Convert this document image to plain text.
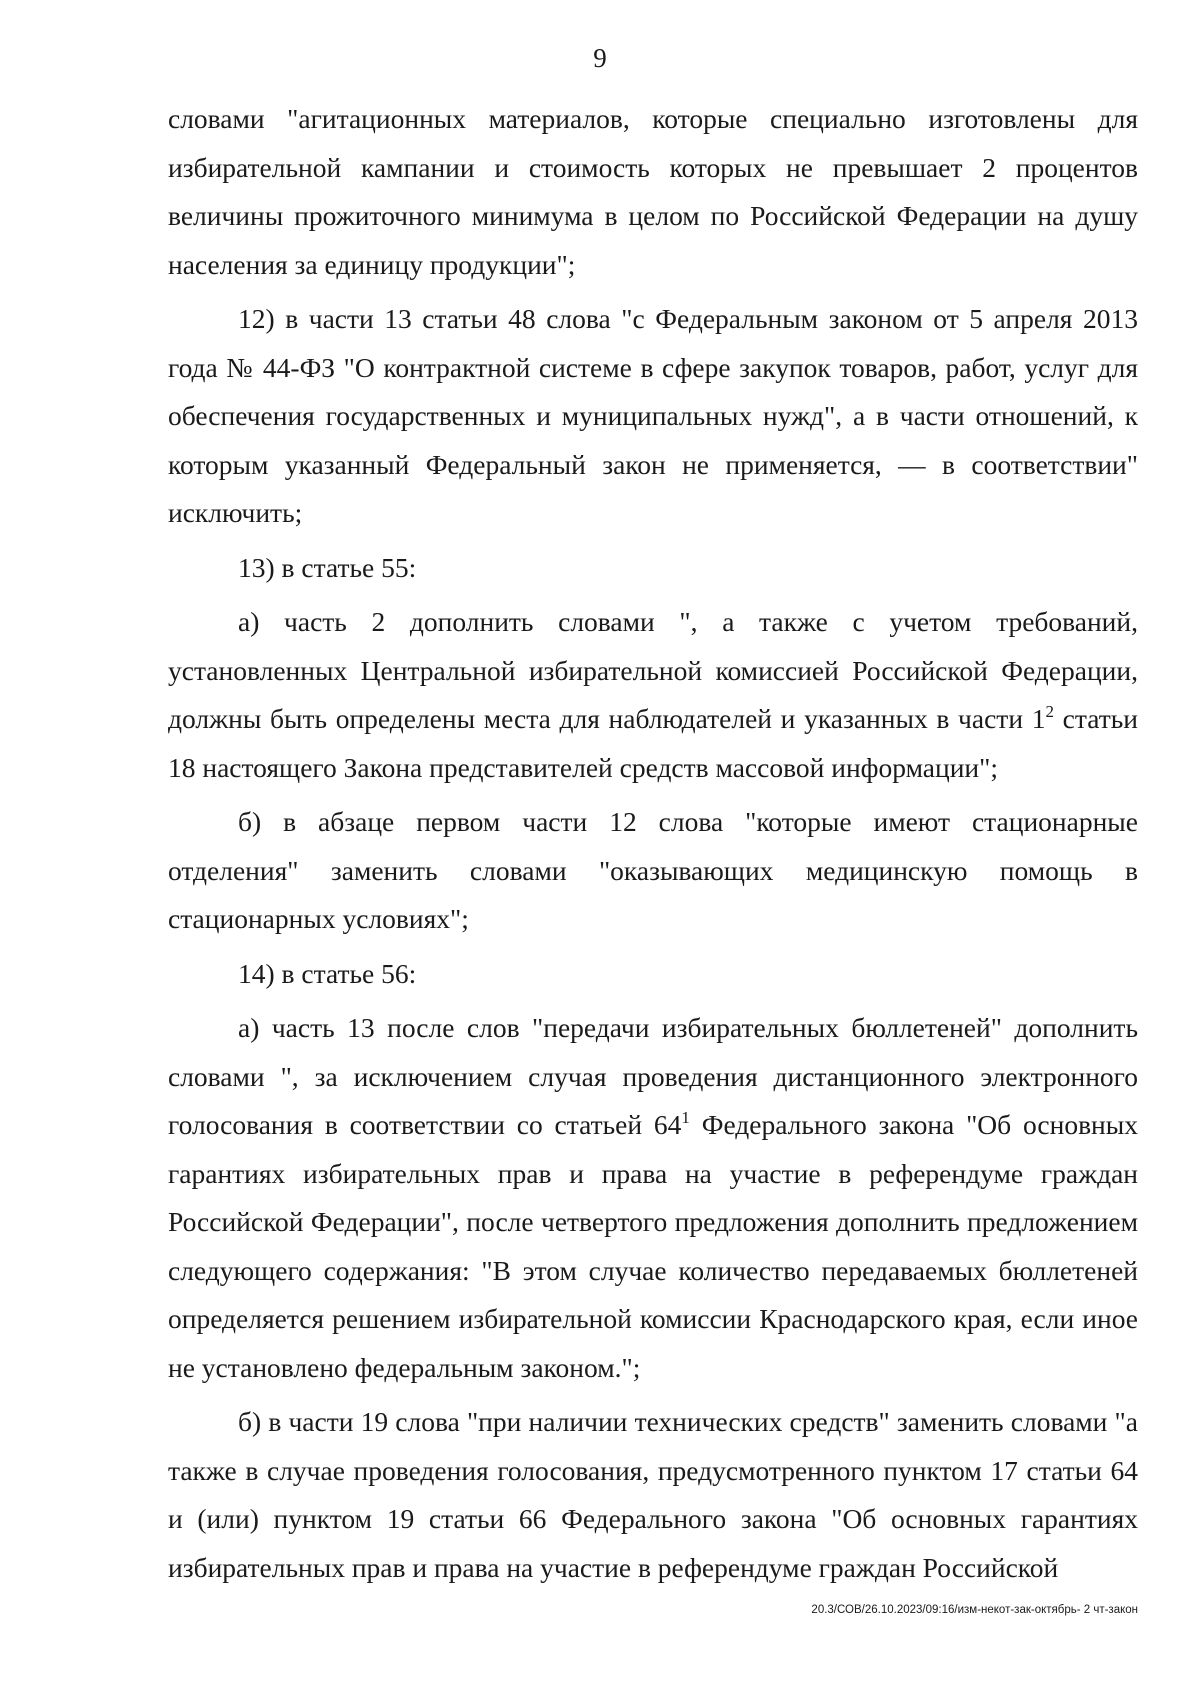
9

словами "агитационных материалов, которые специально изготовлены для избирательной кампании и стоимость которых не превышает 2 процентов величины прожиточного минимума в целом по Российской Федерации на душу населения за единицу продукции";

12) в части 13 статьи 48 слова "с Федеральным законом от 5 апреля 2013 года № 44-ФЗ "О контрактной системе в сфере закупок товаров, работ, услуг для обеспечения государственных и муниципальных нужд", а в части отношений, к которым указанный Федеральный закон не применяется, — в соответствии" исключить;

13) в статье 55:

а) часть 2 дополнить словами ", а также с учетом требований, установленных Центральной избирательной комиссией Российской Федерации, должны быть определены места для наблюдателей и указанных в части $1^2$ статьи 18 настоящего Закона представителей средств массовой информации";

б) в абзаце первом части 12 слова "которые имеют стационарные отделения" заменить словами "оказывающих медицинскую помощь в стационарных условиях";

14) в статье 56:

а) часть 13 после слов "передачи избирательных бюллетеней" дополнить словами ", за исключением случая проведения дистанционного электронного голосования в соответствии со статьей $64^1$ Федерального закона "Об основных гарантиях избирательных прав и права на участие в референдуме граждан Российской Федерации", после четвертого предложения дополнить предложением следующего содержания: "В этом случае количество передаваемых бюллетеней определяется решением избирательной комиссии Краснодарского края, если иное не установлено федеральным законом.";

б) в части 19 слова "при наличии технических средств" заменить словами "а также в случае проведения голосования, предусмотренного пунктом 17 статьи 64 и (или) пунктом 19 статьи 66 Федерального закона "Об основных гарантиях избирательных прав и права на участие в референдуме граждан Российской

20.3/СОВ/26.10.2023/09:16/изм-некот-зак-октябрь- 2 чт-закон
